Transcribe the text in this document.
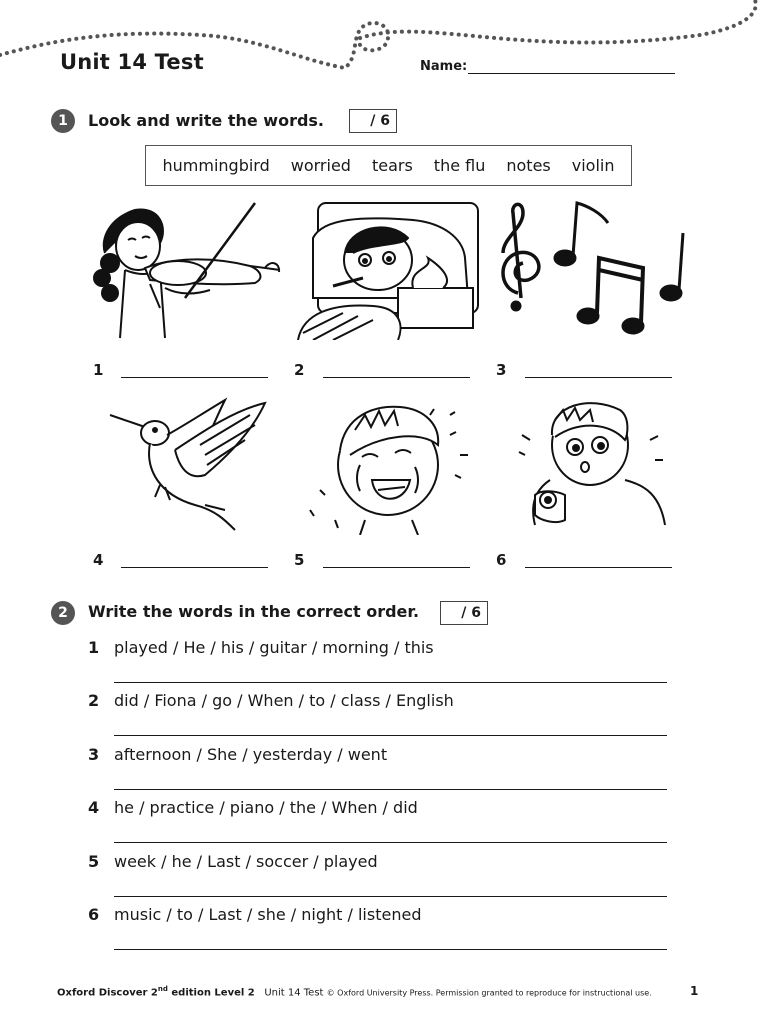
Unit 14 Test	Name:
1	Look and write the words.	/ 6
hummingbird worried tears the flu notes violin
1	2	3
4	5	6
2	Write the words in the correct order.	/ 6
1 played / He / his / guitar / morning / this
2 did / Fiona / go / When / to / class / English
3 afternoon / She / yesterday / went
4 he / practice / piano / the / When / did
5 week / he / Last / soccer / played
6 music / to / Last / she / night / listened
Oxford Discover 2nd edition Level 2 Unit 14 Test © Oxford University Press. Permission granted to reproduce for instructional use.	1
